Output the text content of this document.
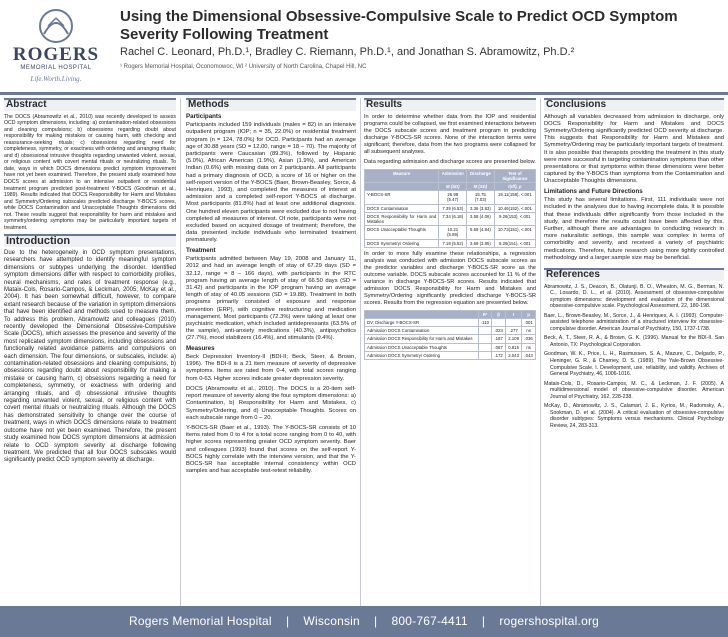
ROGERS
MEMORIAL HOSPITAL
Life.Worth.Living.
Using the Dimensional Obsessive-Compulsive Scale to Predict OCD Symptom Severity Following Treatment
Rachel C. Leonard, Ph.D.¹, Bradley C. Riemann, Ph.D.¹, and Jonathan S. Abramowitz, Ph.D.²
¹ Rogers Memorial Hospital, Oconomowoc, WI ² University of North Carolina, Chapel Hill, NC
Abstract

The DOCS (Abramowitz et al., 2010) was recently developed to assess OCD symptom dimensions, including: a) contamination-related obsessions and cleaning compulsions; b) obsessions regarding doubt about responsibility for making mistakes or causing harm, with checking and reassurance-seeking rituals; c) obsessions regarding need for completeness, symmetry, or exactness with ordering and arranging rituals; and d) obsessional intrusive thoughts regarding unwanted violent, sexual, or religious content with covert mental rituals or neutralizing rituals. To date, ways in which DOCS dimensions predict symptom improvement have not yet been examined. Therefore, the present study examined how DOCS scores at admission to an intensive outpatient or residential treatment program predicted post-treatment Y-BOCS (Goodman et al., 1989). Results indicated that DOCS Responsibility for Harm and Mistakes and Symmetry/Ordering subscales predicted discharge Y-BOCS scores, while DOCS Contamination and Unacceptable Thoughts dimensions did not. These results suggest that responsibility for harm and mistakes and symmetry/ordering symptoms may be particularly important targets of treatment.

Introduction

Due to the heterogeneity in OCD symptom presentations, researchers have attempted to identify meaningful symptom dimensions or subtypes underlying the disorder. Identified symptom dimensions differ with respect to comorbidity profiles, neural mechanisms, and rates of treatment response (e.g., Mataix-Cols, Rosario-Campos, & Leckman, 2005; McKay et al., 2004). It has been somewhat difficult, however, to compare extant research because of the variation in symptom dimensions that have been identified and methods used to measure them. To address this problem, Abramowitz and colleagues (2010) recently developed the Dimensional Obsessive-Compulsive Scale (DOCS), which assesses the presence and severity of the most replicated symptom dimensions, including obsessions and functionally related avoidance patterns and compulsions on each dimension. The four dimensions, or subscales, include: a) contamination-related obsessions and cleaning compulsions, b) obsessions regarding doubt about responsibility for making a mistake or causing harm, c) obsessions regarding a need for completeness, symmetry, or exactness with ordering and arranging rituals, and d) obsessional intrusive thoughts regarding unwanted violent, sexual, or religious content with covert mental rituals or neutralizing rituals. Although the DOCS has demonstrated sensitivity to change over the course of treatment, ways in which DOCS dimensions relate to treatment outcome have not yet been examined. Therefore, the present study examined how DOCS symptom dimensions at admission relate to OCD symptom severity at discharge following treatment. We predicted that all four DOCS subscales would significantly predict OCD symptom severity at discharge.

Methods
Participants

Participants included 159 individuals (males = 82) in an intensive outpatient program (IOP; n = 35, 22.0%) or residential treatment program (n = 124, 78.0%) for OCD. Participants had an average age of 30.88 years (SD = 12.00, range = 18 – 70). The majority of participants were Caucasian (89.3%), followed by Hispanic (5.0%), African American (1.9%), Asian (1.9%), and American Indian (0.6%) with missing data on 2 participants. All participants had a primary diagnosis of OCD, a score of 16 or higher on the self-report version of the Y-BOCS (Baer, Brown-Beasley, Sorce, & Henriques, 1993), and completed the measures of interest at admission and a completed self-report Y-BOCS at discharge. Most participants (81.8%) had at least one additional diagnosis. One hundred eleven participants were excluded due to not having completed all measures of interest. Of note, participants were not excluded based on acquired dosage of treatment; therefore, the data presented include individuals who terminated treatment prematurely.

Treatment

Participants admitted between May 19, 2008 and January 11, 2012 and had an average length of stay of 67.29 days (SD = 32.12, range = 8 – 166 days), with participants in the RTC program having an average length of stay of 66.50 days (SD = 31.42) and participants in the IOP program having an average length of stay of 40.05 sessions (SD = 19.88). Treatment in both programs primarily consisted of exposure and response prevention (ERP), with cognitive restructuring and medication management. Most participants (72.3%) were taking at least one psychiatric medication, which included antidepressants (63.5% of the sample), anti-anxiety medications (40.3%), antipsychotics (27.7%), mood stabilizers (16.4%), and stimulants (9.4%).

Measures

Beck Depression Inventory-II (BDI-II; Beck, Steer, & Brown, 1996). The BDI-II is a 21 item measure of severity of depressive symptoms. Items are rated from 0-4, with total scores ranging from 0-63. Higher scores indicate greater depression severity.

DOCS (Abramowitz et al., 2010). The DOCS is a 20-item self-report measure of severity along the four symptom dimensions: a) Contamination, b) Responsibility for Harm and Mistakes, c) Symmetry/Ordering, and d) Unacceptable Thoughts. Scores on each subscale range from 0 – 20.

Y-BOCS-SR (Baer et al., 1993). The Y-BOCS-SR consists of 10 items rated from 0 to 4 for a total score ranging from 0 to 40, with higher scores representing greater OCD symptom severity. Baer and colleagues (1993) found that scores on the self-report Y-BOCS highly correlate with the interview version, and that the Y-BOCS-SR has acceptable internal consistency within OCD samples and has acceptable test-retest reliability.

Results

In order to determine whether data from the IOP and residential programs could be collapsed, we first examined interactions between the DOCS subscale scores and treatment program in predicting discharge Y-BOCS-SR scores. None of the interaction terms were significant; therefore, data from the two programs were collapsed for all subsequent analyses.

Data regarding admission and discharge scores are presented below.

Measure	Admission	Discharge	Test of Significance
	M (SD)	M (SD)	t(df), p
Y-BOCS-SR	26.98 (5.47)	15.75 (7.03)	19.11(158), <.001
DOCS Contamination	7.39 (6.53)	3.36 (3.83)	10.46(152), <.001
DOCS Responsibility for Harm and Mistakes	7.34 (6.18)	3.58 (4.06)	9.26(153), <.001
DOCS Unacceptable Thoughts	10.21 (5.89)	5.59 (4.84)	10.73(151), <.001
DOCS Symmetry/ Ordering	7.18 (5.52)	3.69 (3.85)	9.26(151), <.001

In order to more fully examine these relationships, a regression analysis was conducted with admission DOCS subscale scores as the predictor variables and discharge Y-BOCS-SR score as the outcome variable. DOCS subscale scores accounted for 11 % of the variance in discharge Y-BOCS-SR scores. Results indicated that admission DOCS Responsibility for Harm and Mistakes and Symmetry/Ordering significantly predicted discharge Y-BOCS-SR scores. Results from the regression equation are presented below.

	R²	β	t	p
DV: Discharge Y-BOCS-SR	.110			.001
Admission DOCS Contamination		.023	.277	ns
Admission DOCS Responsibility for Harm and Mistakes		.187	2.109	.036
Admission DOCS Unacceptable Thoughts		.067	0.815	ns
Admission DOCS Symmetry/ Ordering		.172	2.043	.043
Conclusions

Although all variables decreased from admission to discharge, only DOCS Responsibility for Harm and Mistakes and DOCS Symmetry/Ordering significantly predicted OCD severity at discharge. This suggests that Responsibility for Harm and Mistakes and Symmetry/Ordering may be particularly important targets of treatment. It is also possible that therapists providing the treatment in this study were more successful in targeting contamination symptoms than other presentations or that symptoms within these dimensions were better captured by the Y-BOCS than symptoms from the Contamination and Unacceptable Thoughts dimensions.

Limitations and Future Directions

This study has several limitations. First, 111 individuals were not included in the analyses due to having incomplete data. It is possible that these individuals differ significantly from those included in the study, and therefore the results could have been affected by this. Further, although there are advantages to conducting research in more naturalistic settings, this sample was complex in terms of comorbidity and severity, and received a variety of psychiatric medications. Therefore, future research using more tightly controlled methodology and a larger sample size may be beneficial.

References

Abramowitz, J. S., Deacon, B., Olatunji, B. O., Wheaton, M. G., Berman, N. C., Losardo, D. L., et al. (2010). Assessment of obsessive-compulsive symptom dimensions: development and evaluation of the dimensional obsessive-compulsive scale. Psychological Assessment, 22, 180-198.

Baer, L., Brown-Beasley, M., Sorce, J., & Henriques, A. I. (1993). Computer-assisted telephone administration of a structured interview for obsessive-compulsive disorder. American Journal of Psychiatry, 150, 1737-1738.

Beck, A. T., Steer, R. A., & Brown, G. K. (1996). Manual for the BDI-II. San Antonio, TX: Psychological Corporation.

Goodman, W. K., Price, L. H., Rasmussen, S. A., Mazure, C., Delgado, P., Heninger, G. R., & Charney, D. S. (1989). The Yale-Brown Obsessive-Compulsive Scale. I. Development, use, reliability, and validity. Archives of General Psychiatry, 46, 1006-1016.

Mataix-Cols, D., Rosario-Campos, M. C., & Leckman, J. F. (2005). A multidimensional model of obsessive-compulsive disorder. American Journal of Psychiatry, 162, 228-238.

McKay, D., Abramowitz, J. S., Calamari, J. E., Kyrios, M., Radomsky, A., Sookman, D. et al. (2004). A critical evaluation of obsessive-compulsive disorder subtypes: Symptoms versus mechanisms. Clinical Psychology Review, 24, 283-313.

Rogers Memorial Hospital | Wisconsin | 800-767-4411 | rogershospital.org
